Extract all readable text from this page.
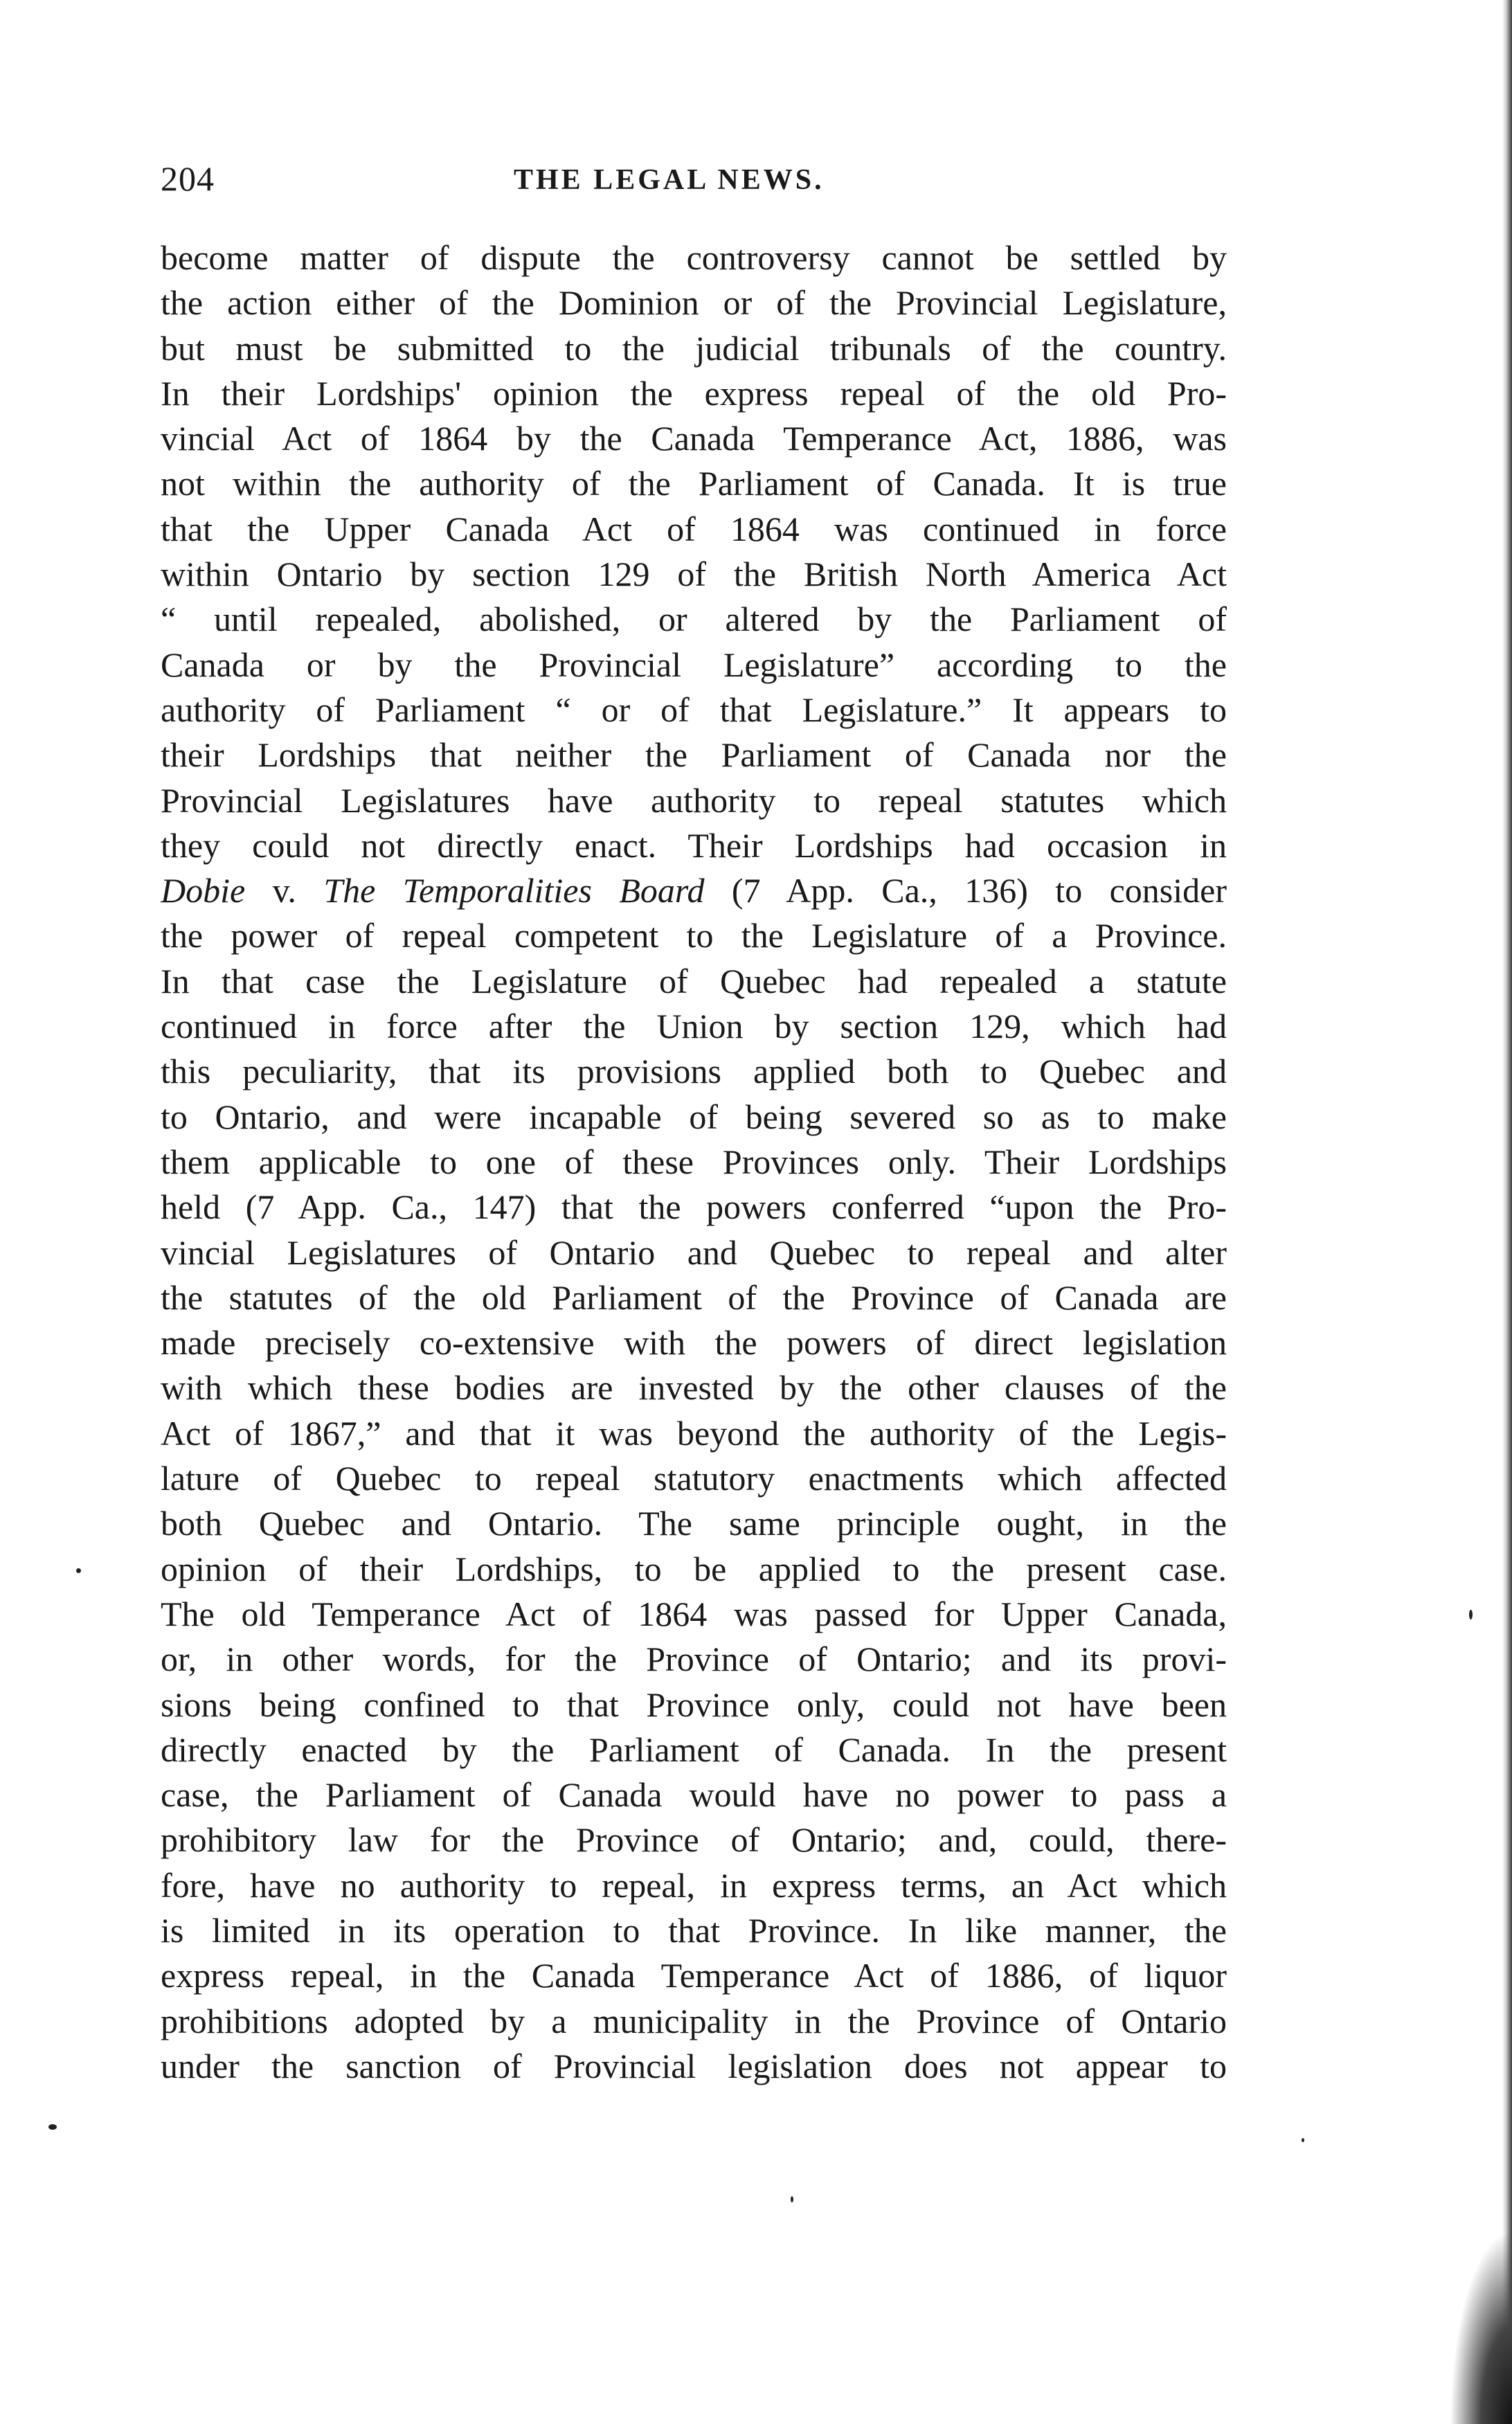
204	THE LEGAL NEWS.
become matter of dispute the controversy cannot be settled by
the action either of the Dominion or of the Provincial Legislature,
but must be submitted to the judicial tribunals of the country.
In their Lordships' opinion the express repeal of the old Pro-
vincial Act of 1864 by the Canada Temperance Act, 1886, was
not within the authority of the Parliament of Canada. It is true
that the Upper Canada Act of 1864 was continued in force
within Ontario by section 129 of the British North America Act
“ until repealed, abolished, or altered by the Parliament of
Canada or by the Provincial Legislature” according to the
authority of Parliament “ or of that Legislature.” It appears to
their Lordships that neither the Parliament of Canada nor the
Provincial Legislatures have authority to repeal statutes which
they could not directly enact. Their Lordships had occasion in
Dobie v. The Temporalities Board (7 App. Ca., 136) to consider
the power of repeal competent to the Legislature of a Province.
In that case the Legislature of Quebec had repealed a statute
continued in force after the Union by section 129, which had
this peculiarity, that its provisions applied both to Quebec and
to Ontario, and were incapable of being severed so as to make
them applicable to one of these Provinces only. Their Lordships
held (7 App. Ca., 147) that the powers conferred “upon the Pro-
vincial Legislatures of Ontario and Quebec to repeal and alter
the statutes of the old Parliament of the Province of Canada are
made precisely co-extensive with the powers of direct legislation
with which these bodies are invested by the other clauses of the
Act of 1867,” and that it was beyond the authority of the Legis-
lature of Quebec to repeal statutory enactments which affected
both Quebec and Ontario. The same principle ought, in the
opinion of their Lordships, to be applied to the present case.
The old Temperance Act of 1864 was passed for Upper Canada,
or, in other words, for the Province of Ontario; and its provi-
sions being confined to that Province only, could not have been
directly enacted by the Parliament of Canada. In the present
case, the Parliament of Canada would have no power to pass a
prohibitory law for the Province of Ontario; and, could, there-
fore, have no authority to repeal, in express terms, an Act which
is limited in its operation to that Province. In like manner, the
express repeal, in the Canada Temperance Act of 1886, of liquor
prohibitions adopted by a municipality in the Province of Ontario
under the sanction of Provincial legislation does not appear to
